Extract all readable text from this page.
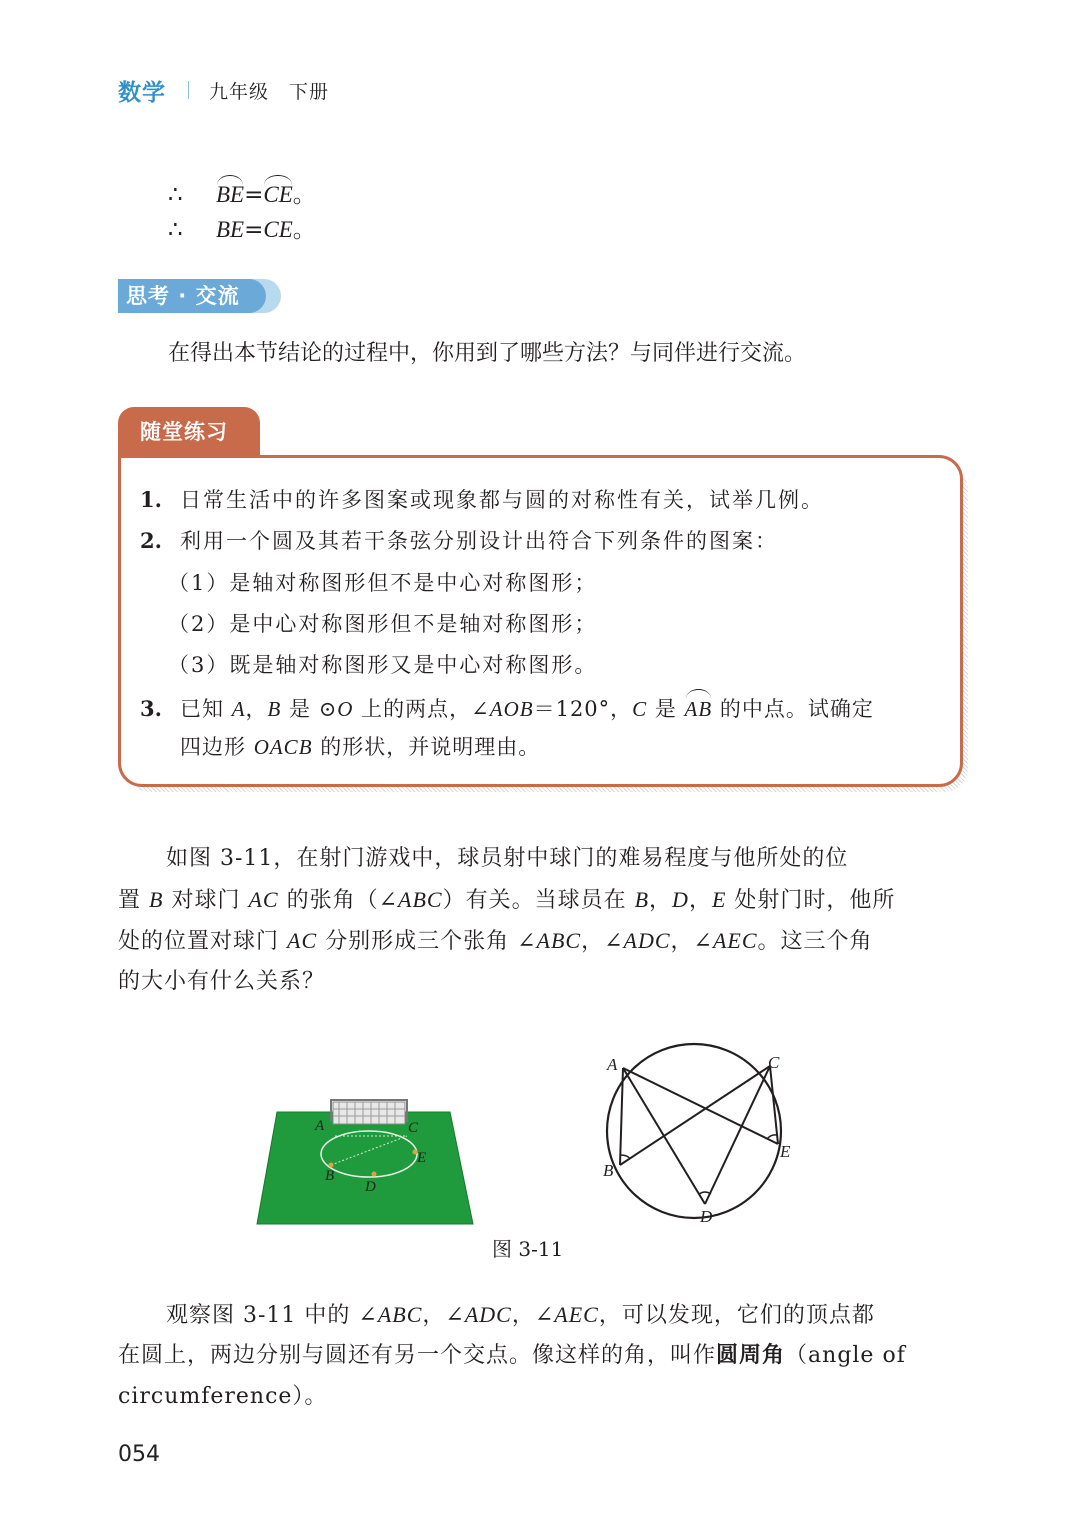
数学 九年级 下册
∴ BE=CE。
∴ BE=CE。
思考 · 交流
在得出本节结论的过程中，你用到了哪些方法？与同伴进行交流。
随堂练习
1. 日常生活中的许多图案或现象都与圆的对称性有关，试举几例。
2. 利用一个圆及其若干条弦分别设计出符合下列条件的图案：
（1）是轴对称图形但不是中心对称图形；
（2）是中心对称图形但不是轴对称图形；
（3）既是轴对称图形又是中心对称图形。
3. 已知 A，B 是 ⊙O 上的两点，∠AOB＝120°，C 是 AB 的中点。试确定
四边形 OACB 的形状，并说明理由。
如图 3-11，在射门游戏中，球员射中球门的难易程度与他所处的位
置 B 对球门 AC 的张角（∠ABC）有关。当球员在 B，D，E 处射门时，他所
处的位置对球门 AC 分别形成三个张角 ∠ABC，∠ADC，∠AEC。这三个角
的大小有什么关系？
A	C
E
B
D
A	C
E
B
D
图 3-11
观察图 3-11 中的 ∠ABC，∠ADC，∠AEC，可以发现，它们的顶点都
在圆上，两边分别与圆还有另一个交点。像这样的角，叫作圆周角（angle of
circumference）。
054
